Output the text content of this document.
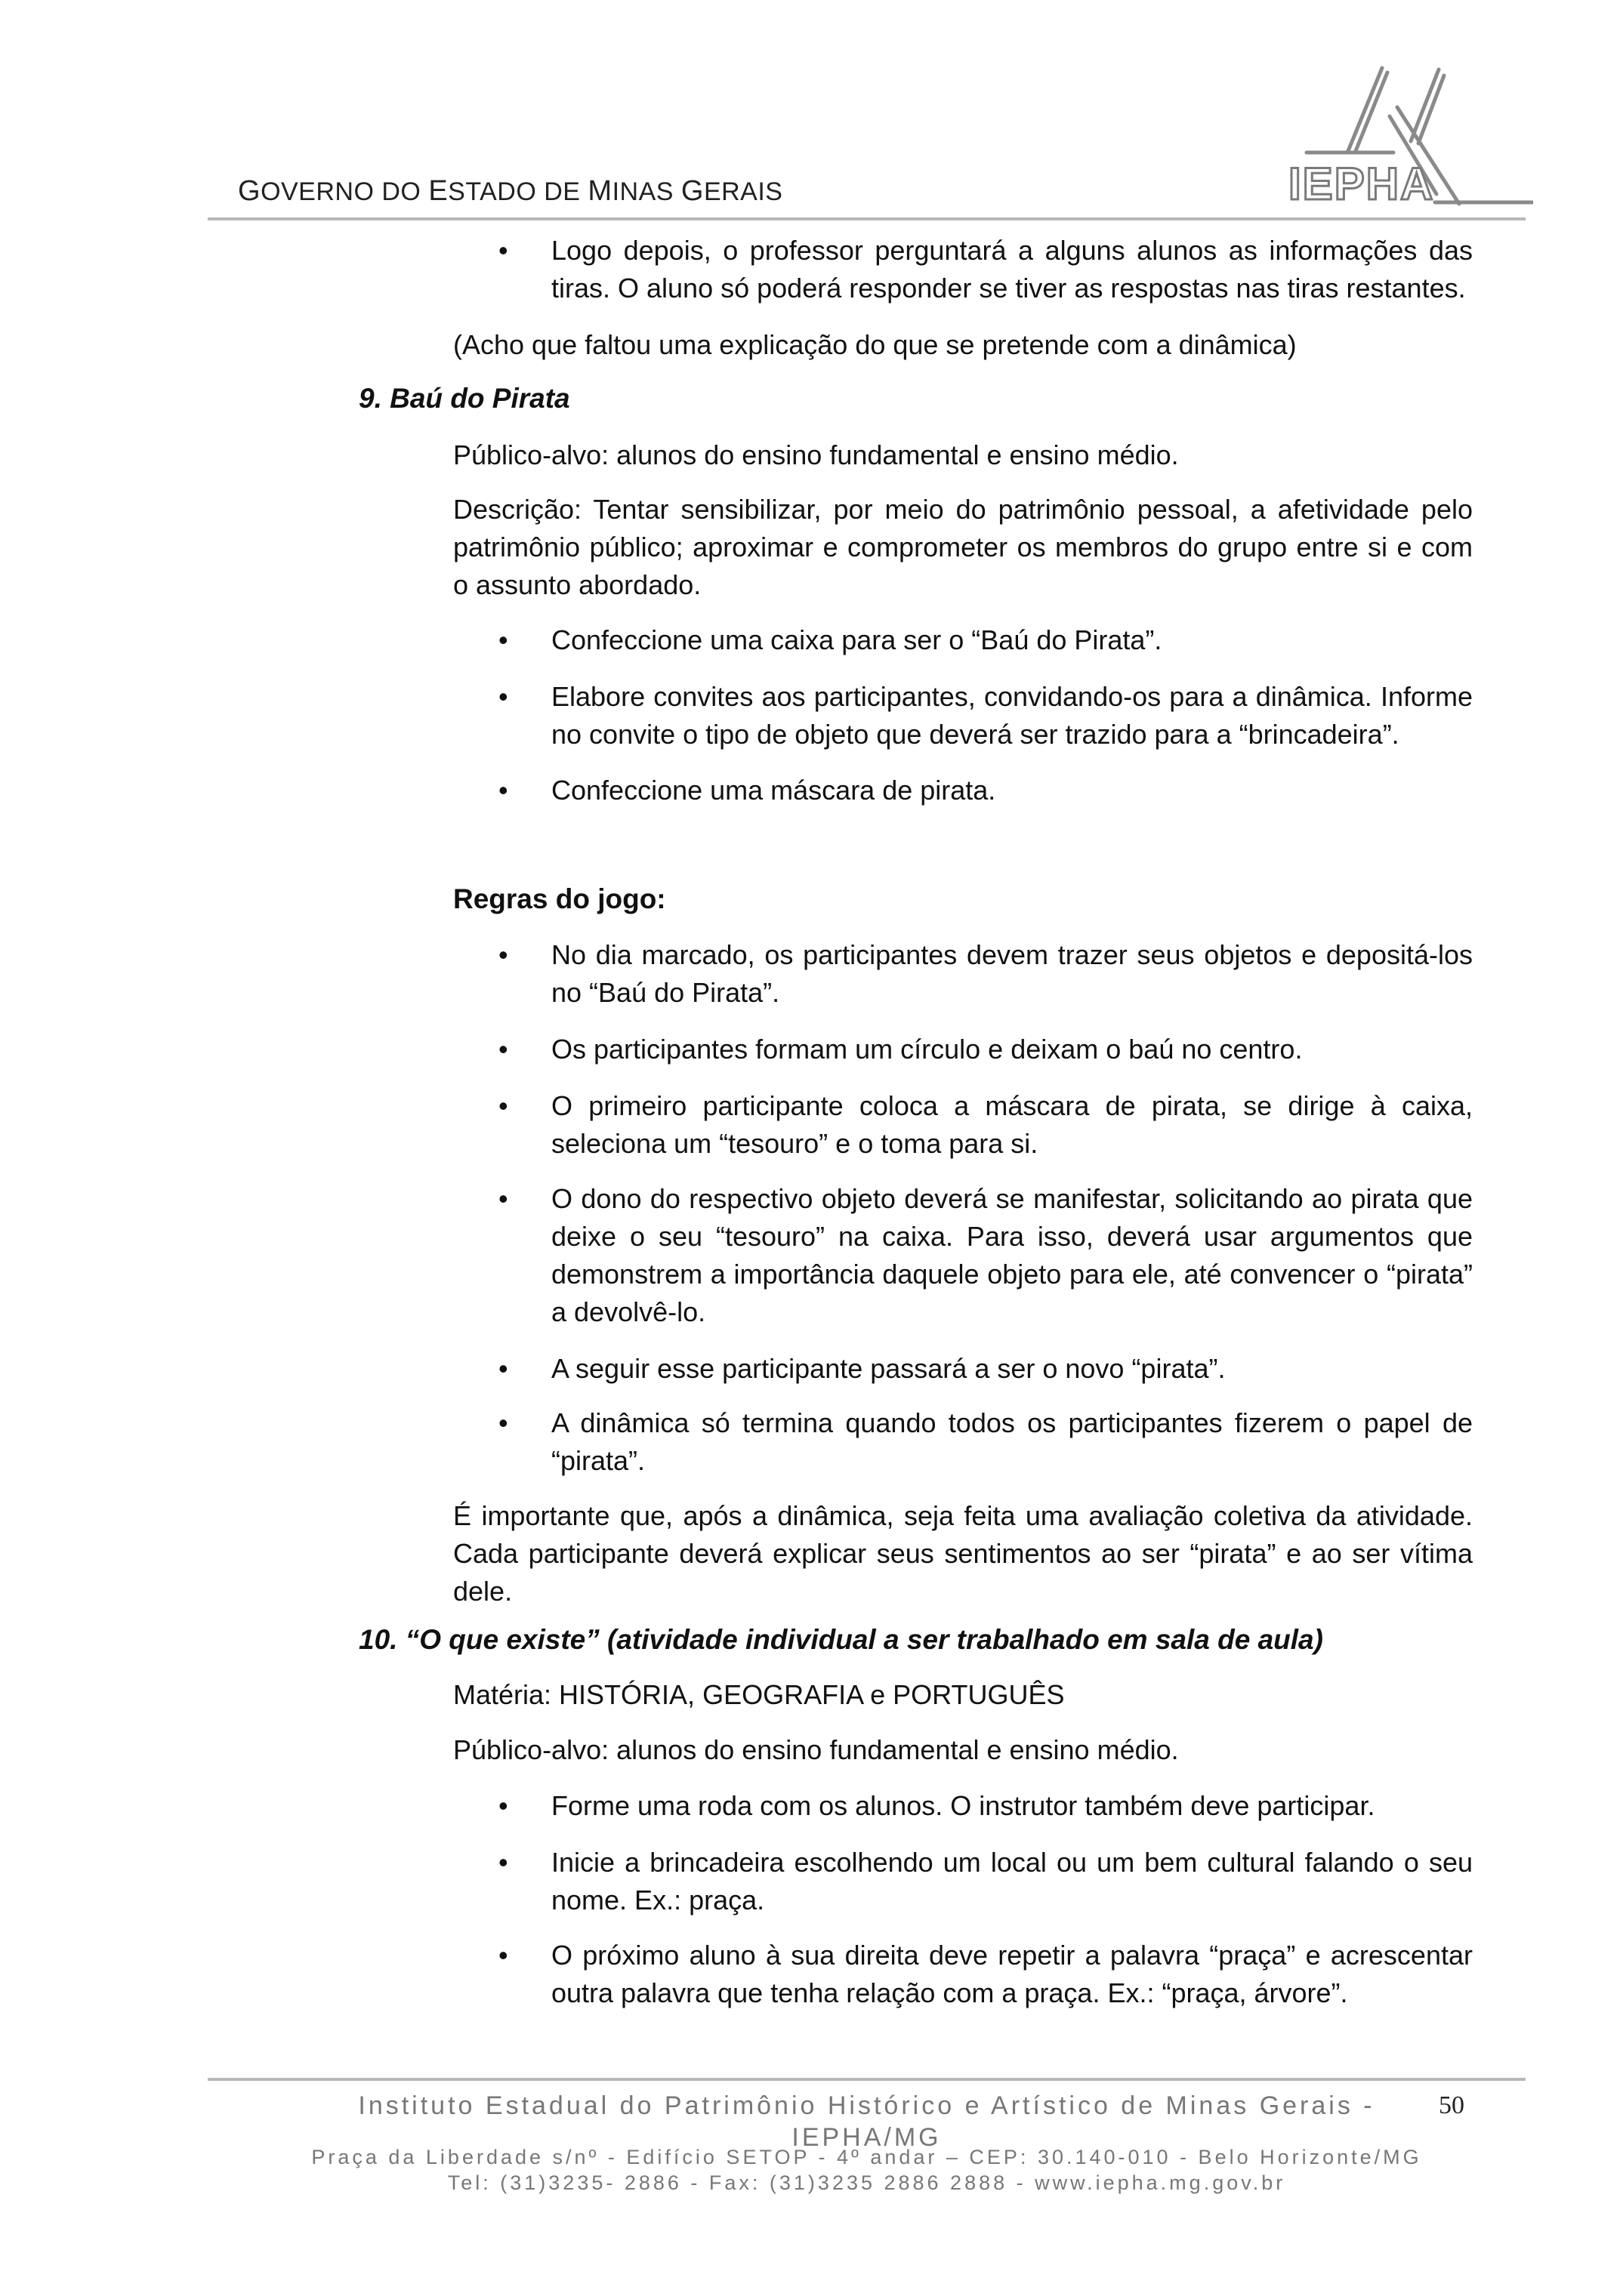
GOVERNO DO ESTADO DE MINAS GERAIS	IEPHA
• Logo depois, o professor perguntará a alguns alunos as informações das tiras. O aluno só poderá responder se tiver as respostas nas tiras restantes.
(Acho que faltou uma explicação do que se pretende com a dinâmica)
9. Baú do Pirata
Público-alvo: alunos do ensino fundamental e ensino médio.
Descrição: Tentar sensibilizar, por meio do patrimônio pessoal, a afetividade pelo patrimônio público; aproximar e comprometer os membros do grupo entre si e com o assunto abordado.
• Confeccione uma caixa para ser o “Baú do Pirata”.
• Elabore convites aos participantes, convidando-os para a dinâmica. Informe no convite o tipo de objeto que deverá ser trazido para a “brincadeira”.
• Confeccione uma máscara de pirata.
Regras do jogo:
• No dia marcado, os participantes devem trazer seus objetos e depositá-los no “Baú do Pirata”.
• Os participantes formam um círculo e deixam o baú no centro.
• O primeiro participante coloca a máscara de pirata, se dirige à caixa, seleciona um “tesouro” e o toma para si.
• O dono do respectivo objeto deverá se manifestar, solicitando ao pirata que deixe o seu “tesouro” na caixa. Para isso, deverá usar argumentos que demonstrem a importância daquele objeto para ele, até convencer o “pirata” a devolvê-lo.
• A seguir esse participante passará a ser o novo “pirata”.
• A dinâmica só termina quando todos os participantes fizerem o papel de “pirata”.
É importante que, após a dinâmica, seja feita uma avaliação coletiva da atividade. Cada participante deverá explicar seus sentimentos ao ser “pirata” e ao ser vítima dele.
10. “O que existe” (atividade individual a ser trabalhado em sala de aula)
Matéria: HISTÓRIA, GEOGRAFIA e PORTUGUÊS
Público-alvo: alunos do ensino fundamental e ensino médio.
• Forme uma roda com os alunos. O instrutor também deve participar.
• Inicie a brincadeira escolhendo um local ou um bem cultural falando o seu nome. Ex.: praça.
• O próximo aluno à sua direita deve repetir a palavra “praça” e acrescentar outra palavra que tenha relação com a praça. Ex.: “praça, árvore”.
Instituto Estadual do Patrimônio Histórico e Artístico de Minas Gerais -
IEPHA/MG
50
Praça da Liberdade s/nº - Edifício SETOP - 4º andar – CEP: 30.140-010 - Belo Horizonte/MG
Tel: (31)3235- 2886 - Fax: (31)3235 2886 2888 - www.iepha.mg.gov.br
